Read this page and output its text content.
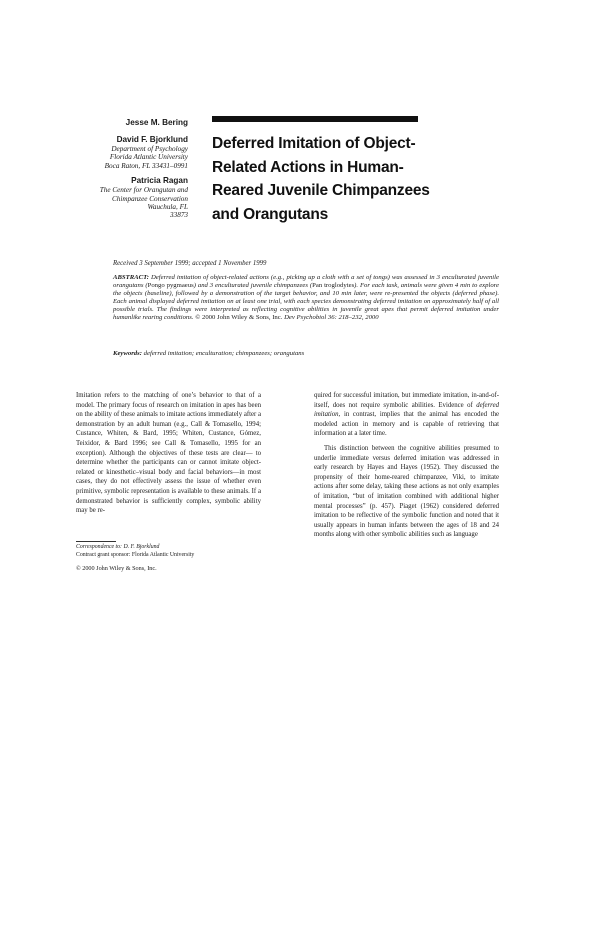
Jesse M. Bering
David F. Bjorklund
Department of Psychology
Florida Atlantic University
Boca Raton, FL 33431–0991
Patricia Ragan
The Center for Orangutan and
Chimpanzee Conservation
Wauchula, FL
33873
Deferred Imitation of Object-
Related Actions in Human-
Reared Juvenile Chimpanzees
and Orangutans
Received 3 September 1999; accepted 1 November 1999
ABSTRACT: Deferred imitation of object-related actions (e.g., picking up a cloth with a set of tongs) was assessed in 3 enculturated juvenile orangutans (Pongo pygmaeus) and 3 enculturated juvenile chimpanzees (Pan troglodytes). For each task, animals were given 4 min to explore the objects (baseline), followed by a demonstration of the target behavior, and 10 min later, were re-presented the objects (deferred phase). Each animal displayed deferred imitation on at least one trial, with each species demonstrating deferred imitation on approximately half of all possible trials. The findings were interpreted as reflecting cognitive abilities in juvenile great apes that permit deferred imitation under humanlike rearing conditions. © 2000 John Wiley & Sons, Inc. Dev Psychobiol 36: 218–232, 2000
Keywords: deferred imitation; enculturation; chimpanzees; orangutans

Imitation refers to the matching of one’s behavior to that of a model. The primary focus of research on imitation in apes has been on the ability of these animals to imitate actions immediately after a demonstration by an adult human (e.g., Call & Tomasello, 1994; Custance, Whiten, & Bard, 1995; Whiten, Custance, Gómez, Teixidor, & Bard 1996; see Call & Tomasello, 1995 for an exception). Although the objectives of these tests are clear— to determine whether the participants can or cannot imitate object-related or kinesthetic–visual body and facial behaviors—in most cases, they do not effectively assess the issue of whether even primitive, symbolic representation is available to these animals. If a demonstrated behavior is sufficiently complex, symbolic ability may be re-

quired for successful imitation, but immediate imitation, in-and-of-itself, does not require symbolic abilities. Evidence of deferred imitation, in contrast, implies that the animal has encoded the modeled action in memory and is capable of retrieving that information at a later time.

This distinction between the cognitive abilities presumed to underlie immediate versus deferred imitation was addressed in early research by Hayes and Hayes (1952). They discussed the propensity of their home-reared chimpanzee, Viki, to imitate actions after some delay, taking these actions as not only examples of imitation, “but of imitation combined with additional higher mental processes” (p. 457). Piaget (1962) considered deferred imitation to be reflective of the symbolic function and noted that it usually appears in human infants between the ages of 18 and 24 months along with other symbolic abilities such as language

Correspondence to: D. F. Bjorklund
Contract grant sponsor: Florida Atlantic University
© 2000 John Wiley & Sons, Inc.
